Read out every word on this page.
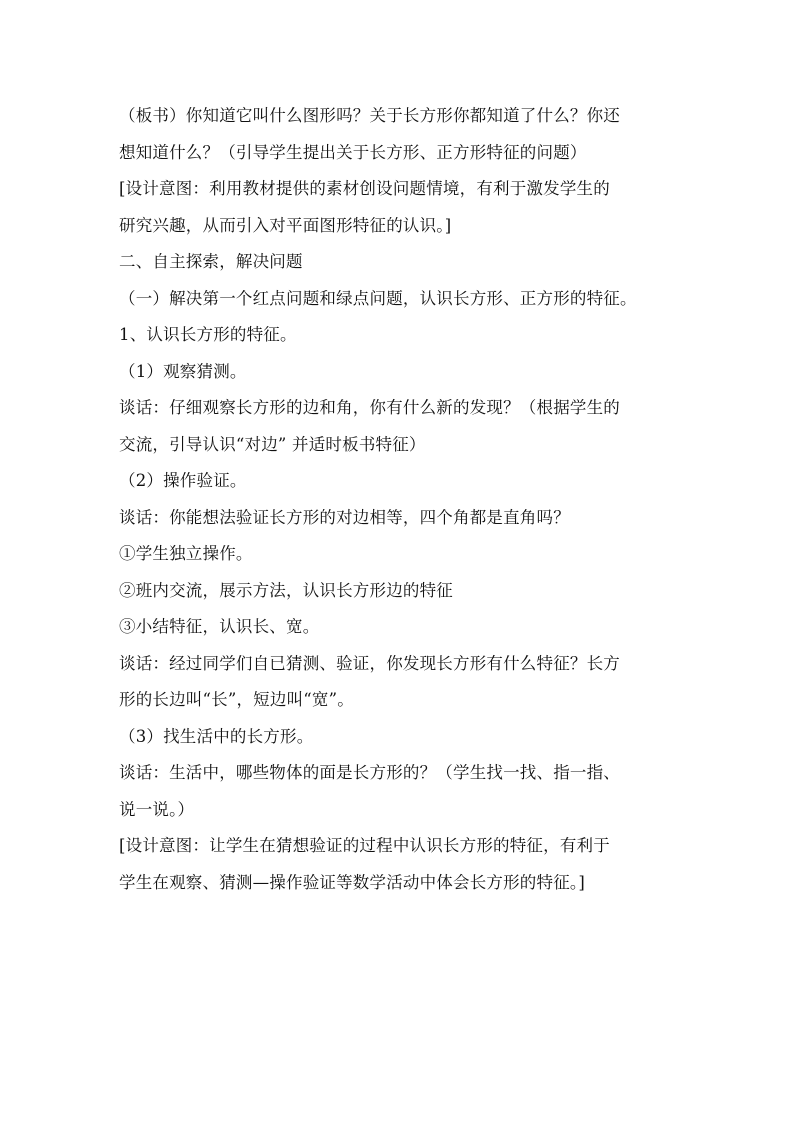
（板书）你知道它叫什么图形吗？关于长方形你都知道了什么？你还
想知道什么？（引导学生提出关于长方形、正方形特征的问题）
[设计意图：利用教材提供的素材创设问题情境，有利于激发学生的
研究兴趣，从而引入对平面图形特征的认识。]
二、自主探索，解决问题
（一）解决第一个红点问题和绿点问题，认识长方形、正方形的特征。
1、认识长方形的特征。
（1）观察猜测。
谈话：仔细观察长方形的边和角，你有什么新的发现？（根据学生的
交流，引导认识“对边” 并适时板书特征）
（2）操作验证。
谈话：你能想法验证长方形的对边相等，四个角都是直角吗？
①学生独立操作。
②班内交流，展示方法，认识长方形边的特征
③小结特征，认识长、宽。
谈话：经过同学们自已猜测、验证，你发现长方形有什么特征？长方
形的长边叫“长”，短边叫“宽”。
（3）找生活中的长方形。
谈话：生活中，哪些物体的面是长方形的？（学生找一找、指一指、
说一说。）
[设计意图：让学生在猜想验证的过程中认识长方形的特征，有利于
学生在观察、猜测—操作验证等数学活动中体会长方形的特征。]
